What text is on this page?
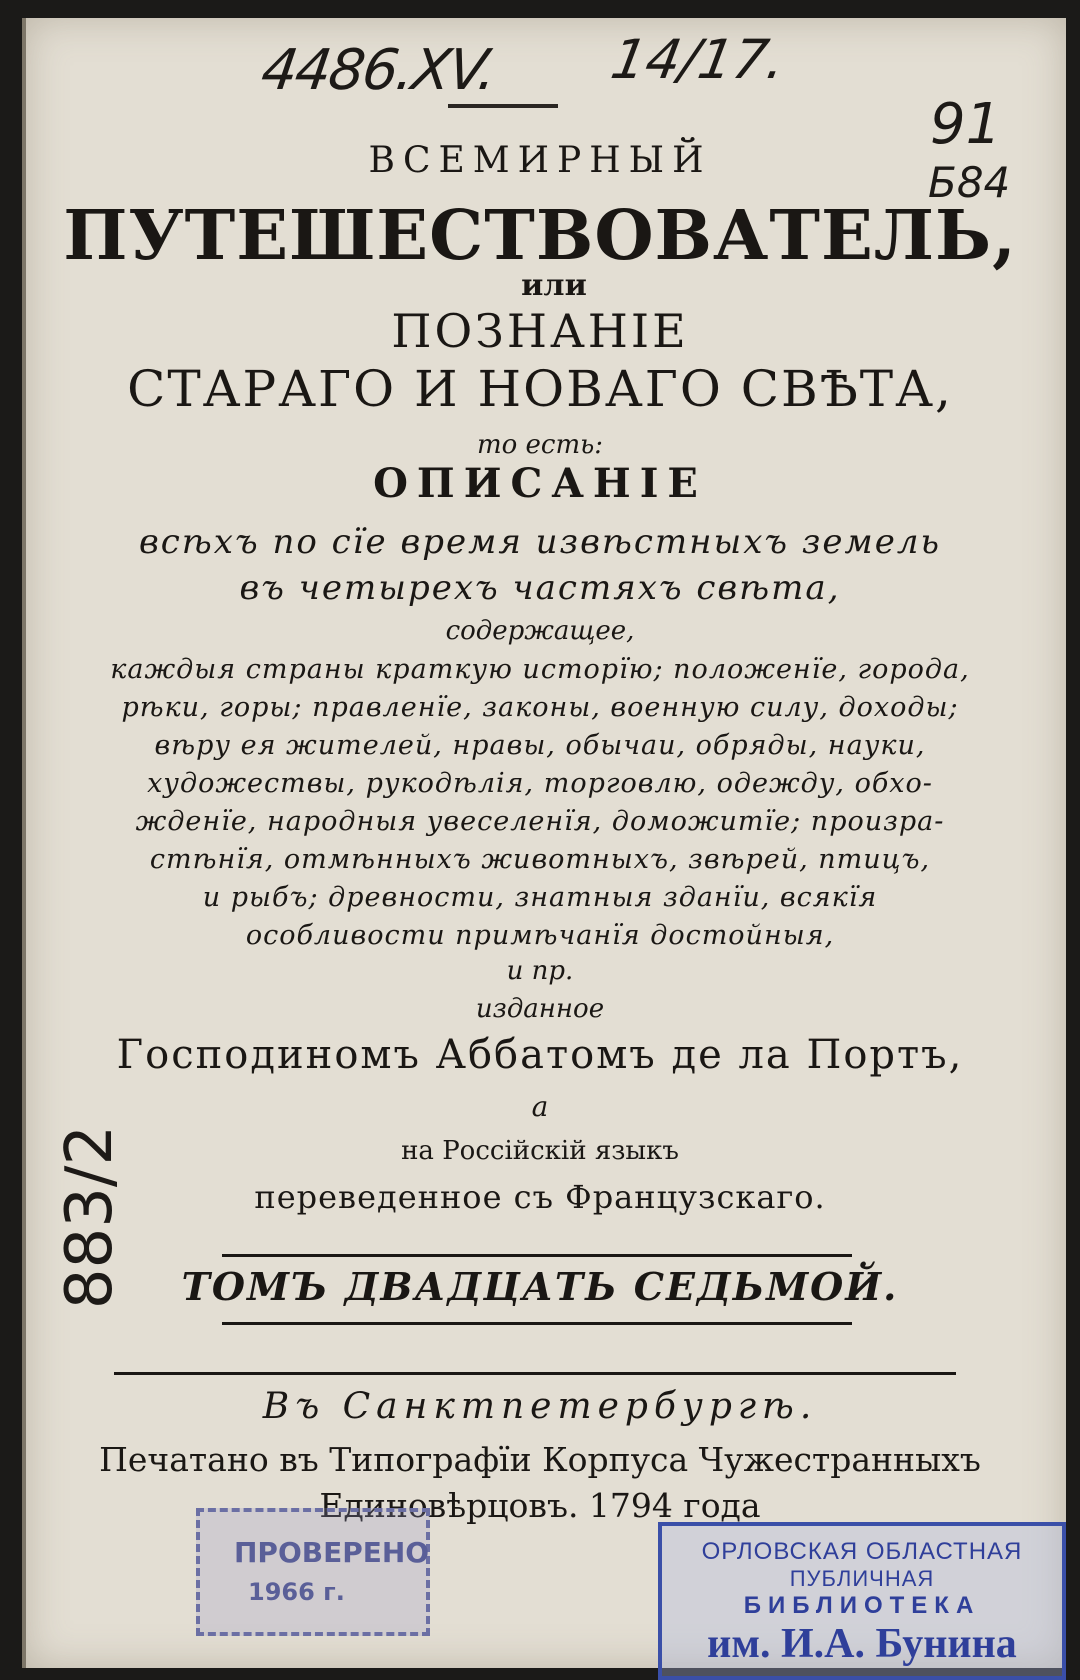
4486.XV. 14/17.
91
Б84
883/2
ВСЕМИРНЫЙ
ПУТЕШЕСТВОВАТЕЛЬ,
или
ПОЗНАНІЕ
СТАРАГО И НОВАГО СВѢТА,
то есть:
ОПИСАНІЕ
всѣхъ по сїе время извѣстныхъ земель
въ четырехъ частяхъ свѣта,
содержащее,
каждыя страны краткую исторїю; положенїе, города,
рѣки, горы; правленїе, законы, военную силу, доходы;
вѣру ея жителей, нравы, обычаи, обряды, науки,
художествы, рукодѣлія, торговлю, одежду, обхо-
жденїе, народныя увеселенїя, доможитїе; произра-
стѣнїя, отмѣнныхъ животныхъ, звѣрей, птицъ,
и рыбъ; древности, знатныя зданїи, всякїя
особливости примѣчанїя достойныя,
и пр.
изданное
Господиномъ Аббатомъ де ла Портъ,
а
на Россійскій языкъ
переведенное съ Французскаго.
ТОМЪ ДВАДЦАТЬ СЕДЬМОЙ.
Въ Санктпетербургѣ.
Печатано въ Типографїи Корпуса Чужестранныхъ
Единовѣрцовъ. 1794 года
ПРОВЕРЕНО
1966 г.
ОРЛОВСКАЯ ОБЛАСТНАЯ
ПУБЛИЧНАЯ
БИБЛИОТЕКА
им. И.А. Бунина
